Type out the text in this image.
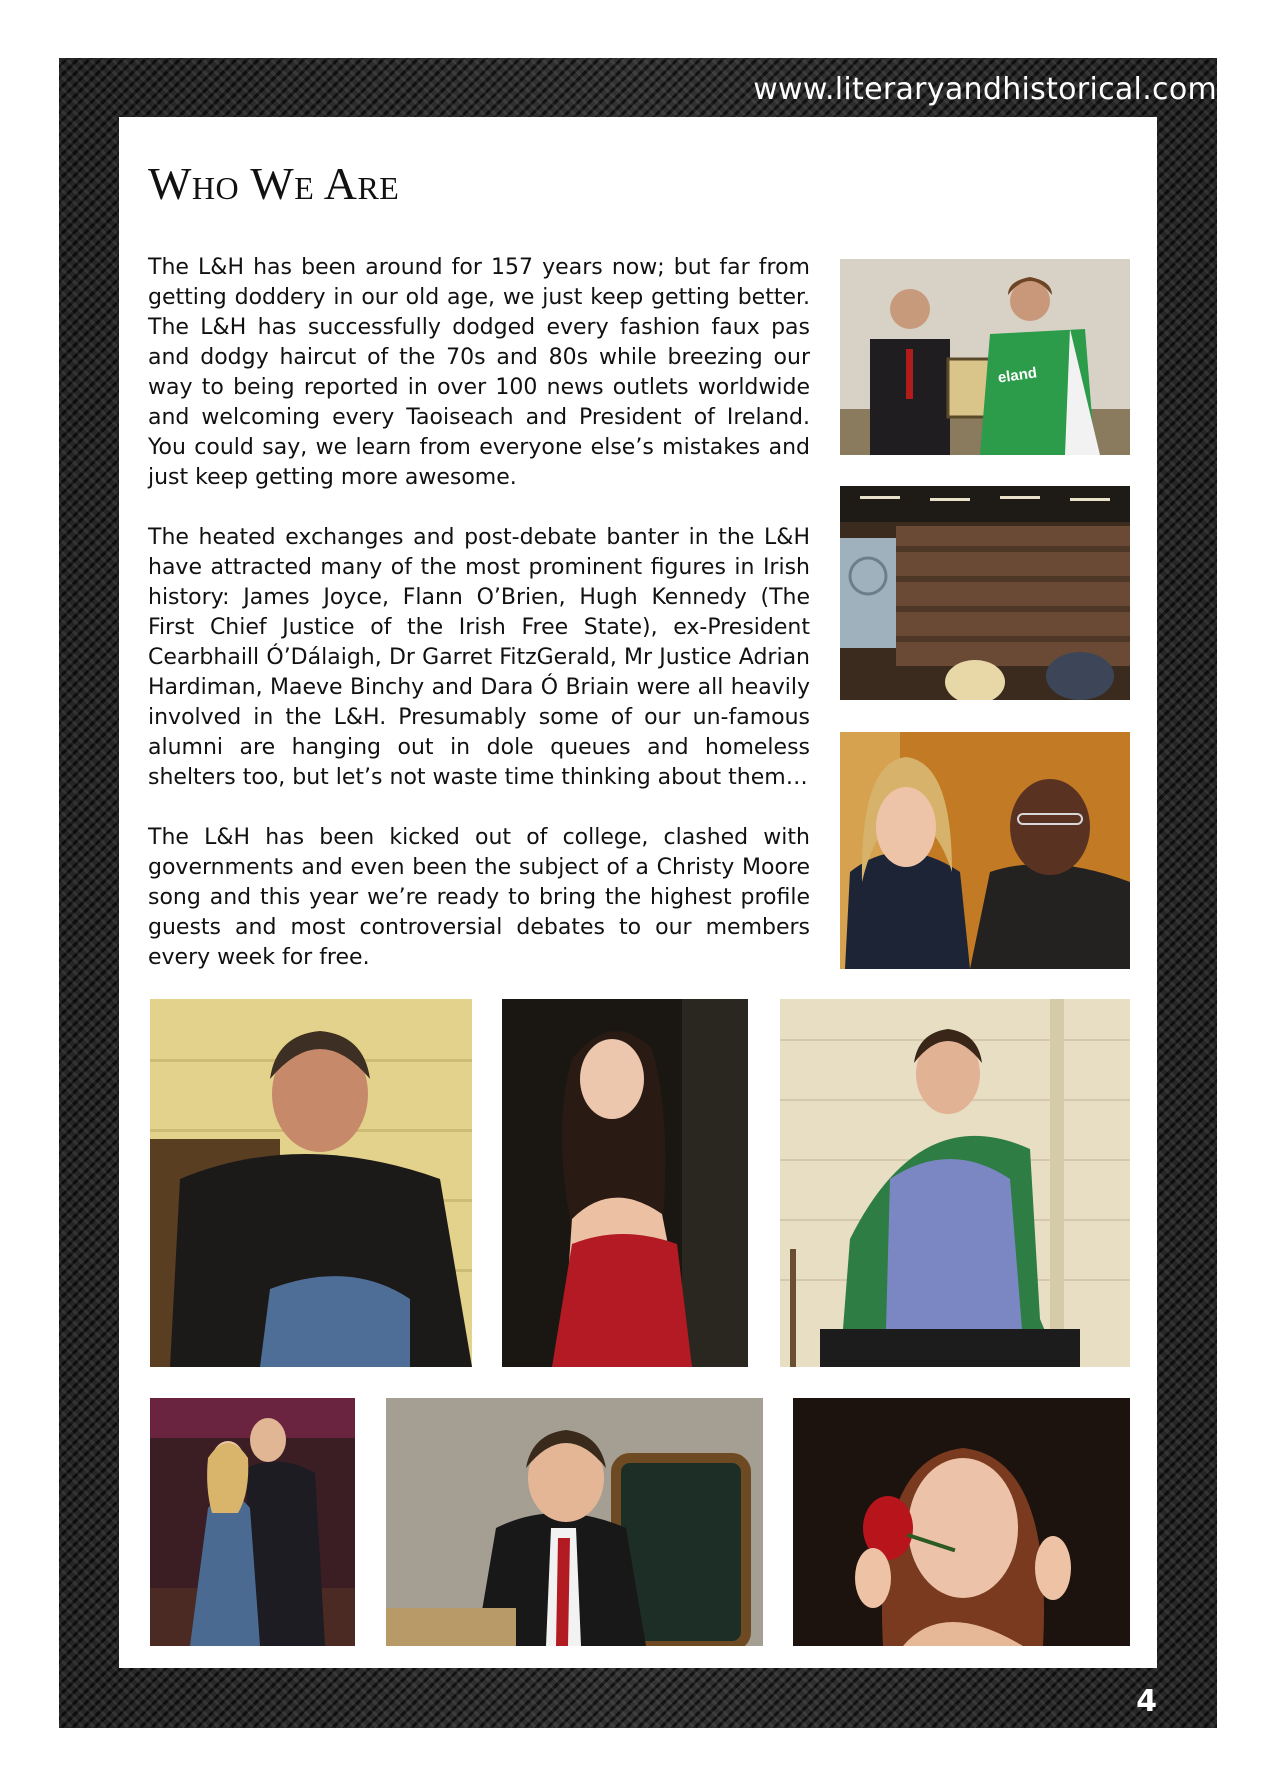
www.literaryandhistorical.com
Who We Are

The L&H has been around for 157 years now; but far from getting doddery in our old age, we just keep getting better. The L&H has successfully dodged every fashion faux pas and dodgy haircut of the 70s and 80s while breezing our way to being reported in over 100 news outlets worldwide and welcoming every Taoiseach and President of Ireland. You could say, we learn from everyone else’s mistakes and just keep getting more awesome.

The heated exchanges and post-debate banter in the L&H have attracted many of the most prominent figures in Irish history: James Joyce, Flann O’Brien, Hugh Kennedy (The First Chief Justice of the Irish Free State), ex-President Cearbhaill Ó’Dálaigh, Dr Garret FitzGerald, Mr Justice Adrian Hardiman, Maeve Binchy and Dara Ó Briain were all heavily involved in the L&H. Presumably some of our un-famous alumni are hanging out in dole queues and homeless shelters too, but let’s not waste time thinking about them…

The L&H has been kicked out of college, clashed with governments and even been the subject of a Christy Moore song and this year we’re ready to bring the highest profile guests and most controversial debates to our members every week for free.

eland
4
